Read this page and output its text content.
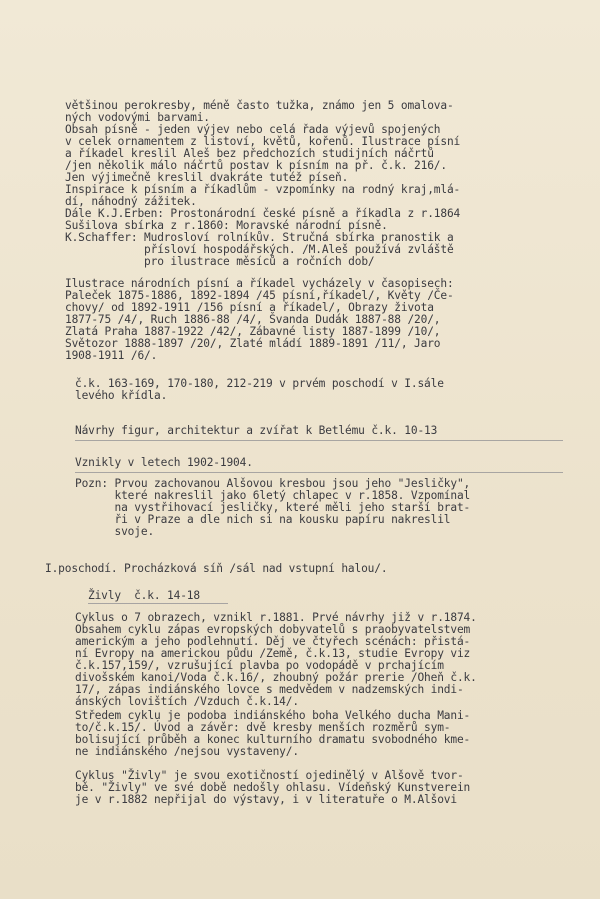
většinou perokresby, méně často tužka, známo jen 5 omalova-

ných vodovými barvami.

Obsah písně - jeden výjev nebo celá řada výjevů spojených

v celek ornamentem z listoví, květů, kořenů. Ilustrace písní

a říkadel kreslil Aleš bez předchozích studijních náčrtů

/jen několik málo náčrtů postav k písním na př. č.k. 216/.

Jen výjimečně kreslil dvakráte tutéž píseň.

Inspirace k písním a říkadlům - vzpomínky na rodný kraj,mlá-

dí, náhodný zážitek.

Dále K.J.Erben: Prostonárodní české písně a říkadla z r.1864

Sušilova sbírka z r.1860: Moravské národní písně.

K.Schaffer: Mudrosloví rolníkův. Stručná sbírka pranostik a

přísloví hospodářských. /M.Aleš používá zvláště

pro ilustrace měsíců a ročních dob/

Ilustrace národních písní a říkadel vycházely v časopisech:

Paleček 1875-1886, 1892-1894 /45 písní,říkadel/, Květy /Če-

chovy/ od 1892-1911 /156 písní a říkadel/, Obrazy života

1877-75 /4/, Ruch 1886-88 /4/, Švanda Dudák 1887-88 /20/,

Zlatá Praha 1887-1922 /42/, Zábavné listy 1887-1899 /10/,

Světozor 1888-1897 /20/, Zlaté mládí 1889-1891 /11/, Jaro

1908-1911 /6/.

č.k. 163-169, 170-180, 212-219 v prvém poschodí v I.sále

levého křídla.

Návrhy figur, architektur a zvířat k Betlému č.k. 10-13

Vznikly v letech 1902-1904.

Pozn: Prvou zachovanou Alšovou kresbou jsou jeho "Jesličky",

které nakreslil jako 6letý chlapec v r.1858. Vzpomínal

na vystřihovací jesličky, které měli jeho starší brat-

ři v Praze a dle nich si na kousku papíru nakreslil

svoje.

I.poschodí. Procházková síň /sál nad vstupní halou/.

Živly  č.k. 14-18

Cyklus o 7 obrazech, vznikl r.1881. Prvé návrhy již v r.1874.

Obsahem cyklu zápas evropských dobyvatelů s praobyvatelstvem

americkým a jeho podlehnutí. Děj ve čtyřech scénách: přistá-

ní Evropy na americkou půdu /Země, č.k.13, studie Evropy viz

č.k.157,159/, vzrušující plavba po vodopádě v prchajícím

divošském kanoi/Voda č.k.16/, zhoubný požár prerie /Oheň č.k.

17/, zápas indiánského lovce s medvědem v nadzemských indi-

ánských lovištích /Vzduch č.k.14/.

Středem cyklu je podoba indiánského boha Velkého ducha Mani-

to/č.k.15/. Úvod a závěr: dvě kresby menších rozměrů sym-

bolisující průběh a konec kulturního dramatu svobodného kme-

ne indiánského /nejsou vystaveny/.

Cyklus "Živly" je svou exotičností ojedinělý v Alšově tvor-

bě. "Živly" ve své době nedošly ohlasu. Vídeňský Kunstverein

je v r.1882 nepřijal do výstavy, i v literatuře o M.Alšovi
